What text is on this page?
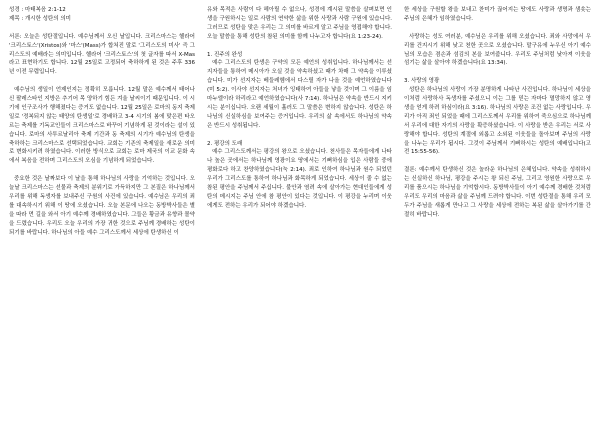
성경 : 마태복음 2:1-12

제목 : 개시한 성탄의 의미

서론: 오늘은 성탄절입니다. 예수님께서 오신 날입니다. 크리스마스는 헬라어 '크리스토스'(Xristos)와 '마스'(Mass)가 합쳐진 말로 '그리스도의 미사' 즉 그리스도의 예배라는 의미입니다. 헬라어 '크리스토스'의 첫 글자를 따서 X-Mas라고 표현하기도 합니다. 12월 25일로 고정되어 축하하게 된 것은 주후 336년 이전 무렵입니다.

예수님의 생일이 언제인지는 정확히 모릅니다. 12월 말은 예수께서 태어나신 팔레스타인 지방은 추기어 목 양하기 힘든 겨울 날씨이기 때문입니다. 이 시기에 인구조사가 행해졌다는 증거도 없습니다. 12월 25일은 로마의 동지 축제일로 '정복되지 않는 태양의 탄생일'로 경배하고 3-4 시기의 봄에 맞은편 타오르는 축제를 기독교인들이 크리스마스로 바꾸어 기념하게 된 것이라는 설이 있습니다. 로마의 사투르날리아 축제 기간과 동 축제의 시기가 예수님의 탄생을 축하하는 크리스마스로 선택되었습니다. 교회는 기존의 축제일을 새로운 의미로 변화시키려 하였습니다. 이러한 방식으로 교회는 로마 제국의 이교 문화 속에서 복음을 전하며 그리스도의 오심을 기념하게 되었습니다.

중요한 것은 날짜보다 이 날을 통해 하나님의 사랑을 기억하는 것입니다. 오늘날 크리스마스는 선물과 축제의 분위기로 가득하지만 그 본질은 하나님께서 우리를 위해 독생자를 보내주신 구원의 사건에 있습니다. 예수님은 우리의 죄를 대속하시기 위해 이 땅에 오셨습니다. 오늘 본문에 나오는 동방박사들은 별을 따라 먼 길을 와서 아기 예수께 경배하였습니다. 그들은 황금과 유향과 몰약을 드렸습니다. 우리도 오늘 우리의 가장 귀한 것으로 주님께 경배하는 성탄이 되기를 바랍니다. 하나님의 아들 예수 그리스도께서 세상에 탄생하신 이

유와 목적은 사람이 다 헤아릴 수 없으나, 성경에 계시된 말씀을 살펴보면 인생을 구원하시는 일로 사람의 연약한 삶을 위한 사랑과 사람 구원에 있습니다. 그러므로 성탄을 맞은 우리는 그 의미를 바르게 알고 주님을 영접해야 합니다. 오늘 말씀을 통해 성탄의 참된 의미를 함께 나누고자 합니다(요 1:23-24).

1. 진주의 완성

예수 그리스도의 탄생은 구약의 모든 예언의 성취입니다. 하나님께서는 선지자들을 통하여 메시아가 오실 것을 약속하셨고 때가 차매 그 약속을 이루셨습니다. 미가 선지자는 베들레헴에서 다스릴 자가 나올 것을 예언하였습니다(미 5:2). 이사야 선지자는 처녀가 잉태하여 아들을 낳을 것이며 그 이름을 임마누엘이라 하리라고 예언하였습니다(사 7:14). 하나님은 약속을 반드시 지키시는 분이십니다. 오랜 세월이 흘러도 그 말씀은 변하지 않습니다. 성탄은 하나님의 신실하심을 보여주는 증거입니다. 우리의 삶 속에서도 하나님의 약속은 반드시 성취됩니다.

2. 평강의 도래

예수 그리스도께서는 평강의 왕으로 오셨습니다. 천사들은 목자들에게 나타나 높은 곳에서는 하나님께 영광이요 땅에서는 기뻐하심을 입은 사람들 중에 평화로다 하고 찬양하였습니다(눅 2:14). 죄로 인하여 하나님과 원수 되었던 우리가 그리스도를 통하여 하나님과 화목하게 되었습니다. 세상이 줄 수 없는 참된 평안을 주님께서 주십니다. 불안과 염려 속에 살아가는 현대인들에게 성탄의 메시지는 주님 안에 참 평안이 있다는 것입니다. 이 평강을 누리며 이웃에게도 전하는 우리가 되어야 하겠습니다.

한 세상을 구원할 왕을 보내고 찬미가 끊어지는 땅에도 사랑과 생명과 샘솟는 주님의 은혜가 임하였습니다.

사랑하는 성도 여러분, 예수님은 우리를 위해 오셨습니다. 죄와 사망에서 우리를 건지시기 위해 낮고 천한 곳으로 오셨습니다. 말구유에 누우신 아기 예수님의 모습은 겸손과 섬김의 본을 보여줍니다. 우리도 주님처럼 낮아져 이웃을 섬기는 삶을 살아야 하겠습니다(요 13:34).

3. 사랑의 영광

성탄은 하나님의 사랑이 가장 분명하게 나타난 사건입니다. 하나님이 세상을 이처럼 사랑하사 독생자를 주셨으니 이는 그를 믿는 자마다 멸망하지 않고 영생을 얻게 하려 하심이라(요 3:16). 하나님의 사랑은 조건 없는 사랑입니다. 우리가 아직 죄인 되었을 때에 그리스도께서 우리를 위하여 죽으심으로 하나님께서 우리에 대한 자기의 사랑을 확증하셨습니다. 이 사랑을 받은 우리는 서로 사랑해야 합니다. 성탄의 계절에 외롭고 소외된 이웃들을 돌아보며 주님의 사랑을 나누는 우리가 됩시다. 그것이 주님께서 기뻐하시는 성탄의 예배입니다(고전 15:55-56).

결론: 예수께서 탄생하신 것은 놀라운 하나님의 은혜입니다. 약속을 성취하시는 신실하신 하나님, 평강을 주시는 왕 되신 주님, 그리고 영원한 사랑으로 우리를 품으시는 하나님을 기억합시다. 동방박사들이 아기 예수께 경배한 것처럼 우리도 우리의 마음과 삶을 주님께 드려야 합니다. 이번 성탄절을 통해 우리 모두가 주님을 새롭게 만나고 그 사랑을 세상에 전하는 복된 삶을 살아가기를 간절히 바랍니다.
